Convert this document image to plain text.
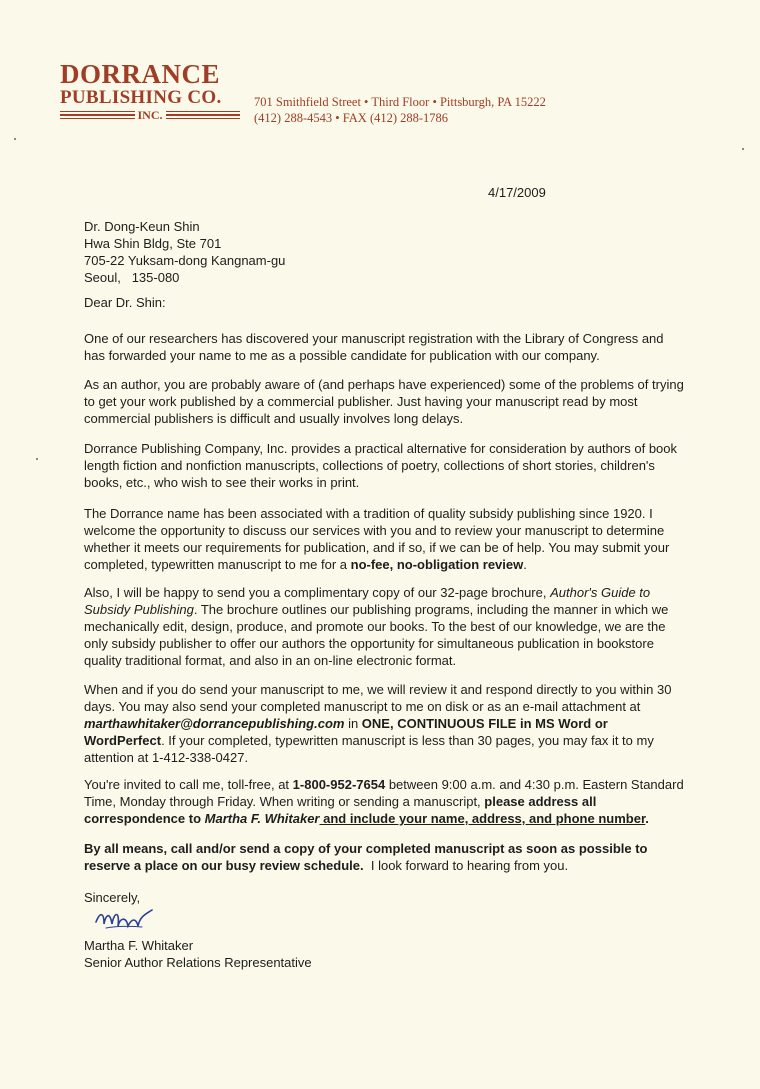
DORRANCE
PUBLISHING CO.
INC.
701 Smithfield Street • Third Floor • Pittsburgh, PA 15222
(412) 288-4543 • FAX (412) 288-1786
4/17/2009
Dr. Dong-Keun Shin
Hwa Shin Bldg, Ste 701
705-22 Yuksam-dong Kangnam-gu
Seoul,   135-080
Dear Dr. Shin:

One of our researchers has discovered your manuscript registration with the Library of Congress and has forwarded your name to me as a possible candidate for publication with our company.

As an author, you are probably aware of (and perhaps have experienced) some of the problems of trying to get your work published by a commercial publisher. Just having your manuscript read by most commercial publishers is difficult and usually involves long delays.

Dorrance Publishing Company, Inc. provides a practical alternative for consideration by authors of book length fiction and nonfiction manuscripts, collections of poetry, collections of short stories, children's books, etc., who wish to see their works in print.

The Dorrance name has been associated with a tradition of quality subsidy publishing since 1920. I welcome the opportunity to discuss our services with you and to review your manuscript to determine whether it meets our requirements for publication, and if so, if we can be of help. You may submit your completed, typewritten manuscript to me for a no-fee, no-obligation review.

Also, I will be happy to send you a complimentary copy of our 32-page brochure, Author's Guide to Subsidy Publishing. The brochure outlines our publishing programs, including the manner in which we mechanically edit, design, produce, and promote our books. To the best of our knowledge, we are the only subsidy publisher to offer our authors the opportunity for simultaneous publication in bookstore quality traditional format, and also in an on-line electronic format.

When and if you do send your manuscript to me, we will review it and respond directly to you within 30 days. You may also send your completed manuscript to me on disk or as an e-mail attachment at marthawhitaker@dorrancepublishing.com in ONE, CONTINUOUS FILE in MS Word or WordPerfect. If your completed, typewritten manuscript is less than 30 pages, you may fax it to my attention at 1-412-338-0427.

You're invited to call me, toll-free, at 1-800-952-7654 between 9:00 a.m. and 4:30 p.m. Eastern Standard Time, Monday through Friday. When writing or sending a manuscript, please address all correspondence to Martha F. Whitaker and include your name, address, and phone number.

By all means, call and/or send a copy of your completed manuscript as soon as possible to reserve a place on our busy review schedule.  I look forward to hearing from you.

Sincerely,
Martha F. Whitaker
Senior Author Relations Representative
